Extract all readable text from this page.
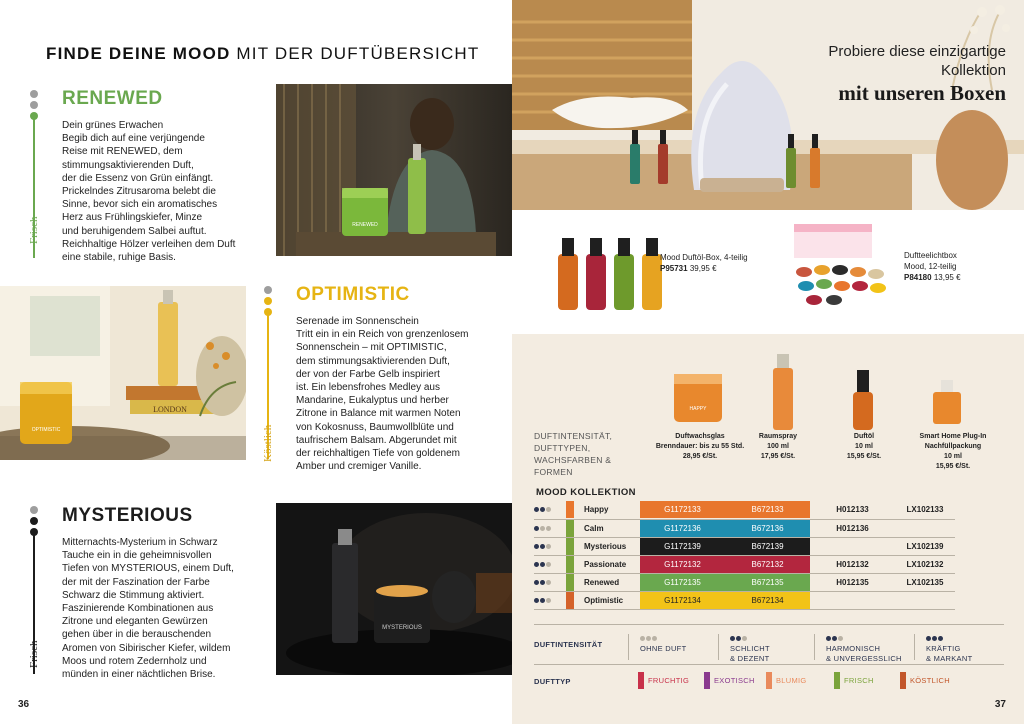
FINDE DEINE MOOD MIT DER DUFTÜBERSICHT
Frisch
RENEWED
Dein grünes Erwachen
Begib dich auf eine verjüngende
Reise mit RENEWED, dem
stimmungsaktivierenden Duft,
der die Essenz von Grün einfängt.
Prickelndes Zitrusaroma belebt die
Sinne, bevor sich ein aromatisches
Herz aus Frühlingskiefer, Minze
und beruhigendem Salbei auftut.
Reichhaltige Hölzer verleihen dem Duft
eine stabile, ruhige Basis.
RENEWED
OPTIMISTIC
LONDON
Köstlich
OPTIMISTIC
Serenade im Sonnenschein
Tritt ein in ein Reich von grenzenlosem
Sonnenschein – mit OPTIMISTIC,
dem stimmungsaktivierenden Duft,
der von der Farbe Gelb inspiriert
ist. Ein lebensfrohes Medley aus
Mandarine, Eukalyptus und herber
Zitrone in Balance mit warmen Noten
von Kokosnuss, Baumwollblüte und
taufrischem Balsam. Abgerundet mit
der reichhaltigen Tiefe von goldenem
Amber und cremiger Vanille.
Frisch
MYSTERIOUS
Mitternachts-Mysterium in Schwarz
Tauche ein in die geheimnisvollen
Tiefen von MYSTERIOUS, einem Duft,
der mit der Faszination der Farbe
Schwarz die Stimmung aktiviert.
Faszinierende Kombinationen aus
Zitrone und eleganten Gewürzen
gehen über in die berauschenden
Aromen von Sibirischer Kiefer, wildem
Moos und rotem Zedernholz und
münden in einer nächtlichen Brise.
MYSTERIOUS
36
Probiere diese einzigartige
Kollektion
mit unseren Boxen
Mood Duftöl-Box, 4-teilig
P95731 39,95 €
Duftteelichtbox
Mood, 12-teilig
P84180 13,95 €
HAPPY
DUFTINTENSITÄT,
DUFTTYPEN,
WACHSFARBEN &
FORMEN
Duftwachsglas
Brenndauer: bis zu 55 Std.
28,95 €/St.
Raumspray
100 ml
17,95 €/St.
Duftöl
10 ml
15,95 €/St.
Smart Home Plug-In
Nachfüllpackung
10 ml
15,95 €/St.
MOOD KOLLEKTION

	Happy	G1172133	B672133	H012133	LX102133

	Calm	G1172136	B672136	H012136	

	Mysterious	G1172139	B672139		LX102139

	Passionate	G1172132	B672132	H012132	LX102132

	Renewed	G1172135	B672135	H012135	LX102135

	Optimistic	G1172134	B672134		

DUFTINTENSITÄT	OHNE DUFT	SCHLICHT
& DEZENT
HARMONISCH
& UNVERGESSLICH
KRÄFTIG
& MARKANT
DUFTTYP	FRUCHTIG	EXOTISCH	BLUMIG	FRISCH	KÖSTLICH
37
